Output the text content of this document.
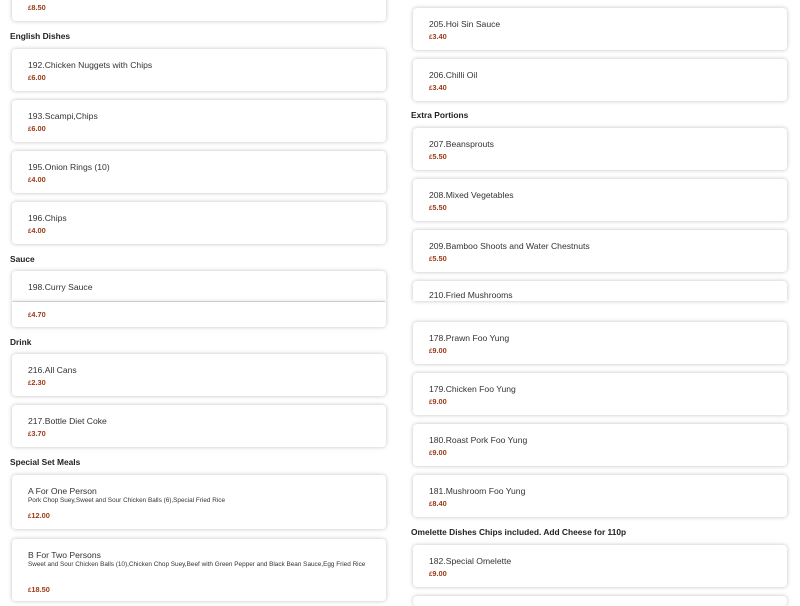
£8.50
English Dishes
192.Chicken Nuggets with Chips
£6.00
193.Scampi,Chips
£6.00
195.Onion Rings (10)
£4.00
196.Chips
£4.00
Sauce
198.Curry Sauce
£4.70
Drink
216.All Cans
£2.30
217.Bottle Diet Coke
£3.70
Special Set Meals
A For One Person
Pork Chop Suey,Sweet and Sour Chicken Balls (6),Special Fried Rice
£12.00
B For Two Persons
Sweet and Sour Chicken Balls (10),Chicken Chop Suey,Beef with Green Pepper and Black Bean Sauce,Egg Fried Rice
£18.50
205.Hoi Sin Sauce
£3.40
206.Chilli Oil
£3.40
Extra Portions
207.Beansprouts
£5.50
208.Mixed Vegetables
£5.50
209.Bamboo Shoots and Water Chestnuts
£5.50
210.Fried Mushrooms
178.Prawn Foo Yung
£9.00
179.Chicken Foo Yung
£9.00
180.Roast Pork Foo Yung
£9.00
181.Mushroom Foo Yung
£8.40
Omelette Dishes Chips included. Add Cheese for 110p
182.Special Omelette
£9.00
